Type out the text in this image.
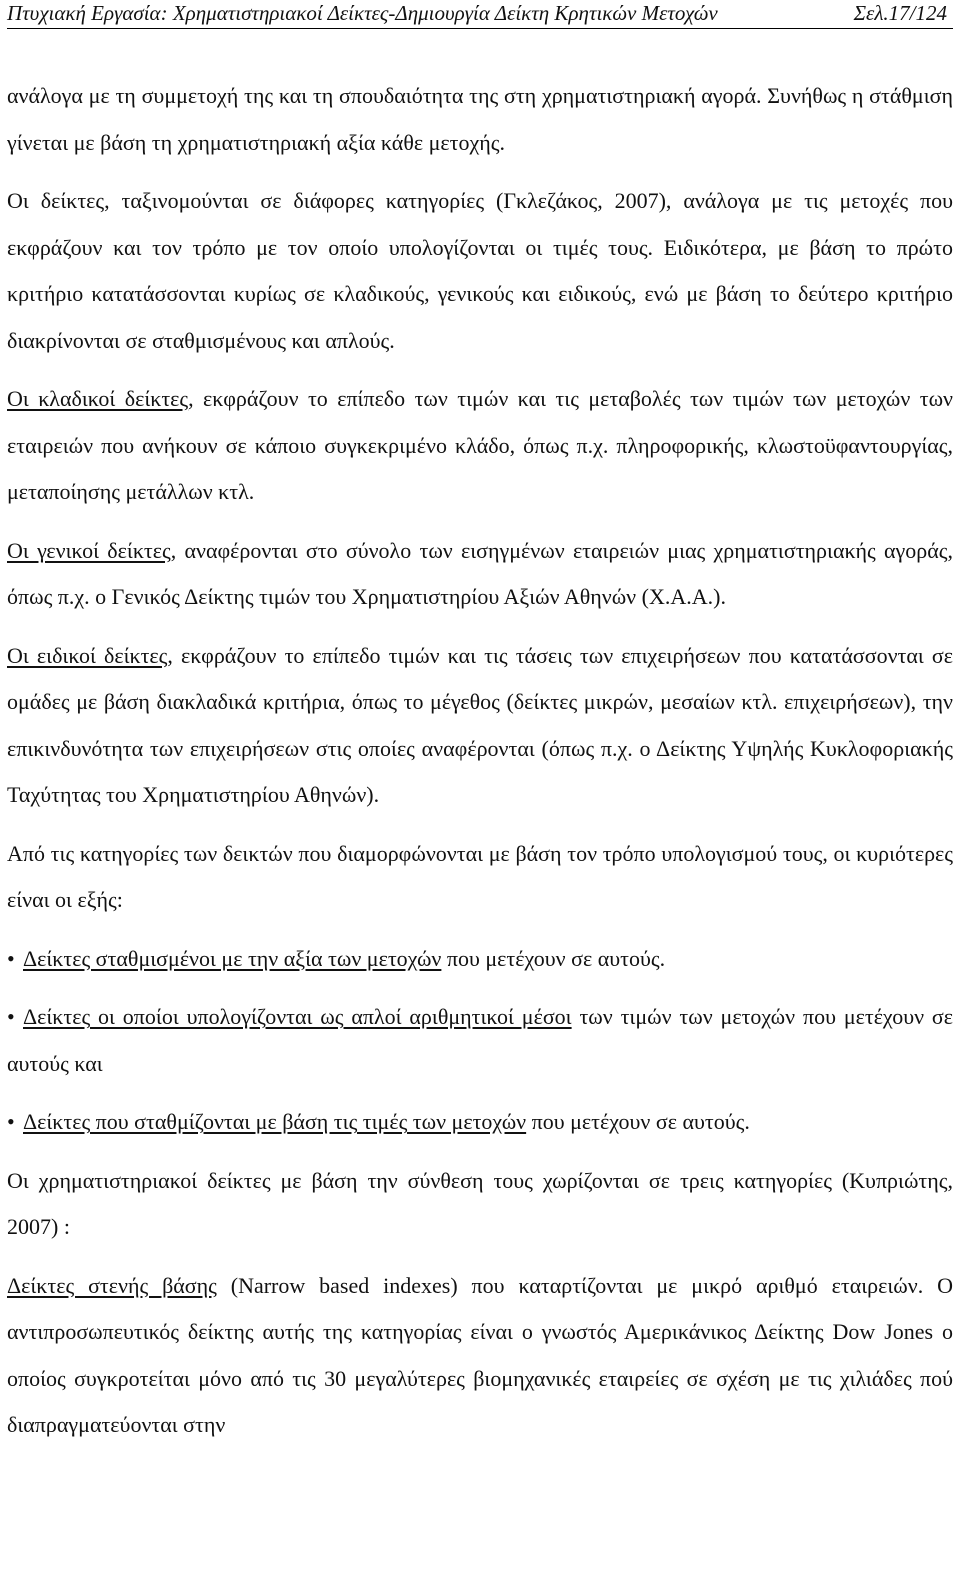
Πτυχιακή Εργασία: Χρηματιστηριακοί Δείκτες-Δημιουργία Δείκτη Κρητικών Μετοχών	Σελ.17/124

ανάλογα με τη συμμετοχή της και τη σπουδαιότητα της στη χρηματιστηριακή αγορά. Συνήθως η στάθμιση γίνεται με βάση τη χρηματιστηριακή αξία κάθε μετοχής.

Οι δείκτες, ταξινομούνται σε διάφορες κατηγορίες (Γκλεζάκος, 2007), ανάλογα με τις μετοχές που εκφράζουν και τον τρόπο με τον οποίο υπολογίζονται οι τιμές τους. Ειδικότερα, με βάση το πρώτο κριτήριο κατατάσσονται κυρίως σε κλαδικούς, γενικούς και ειδικούς, ενώ με βάση το δεύτερο κριτήριο διακρίνονται σε σταθμισμένους και απλούς.

Οι κλαδικοί δείκτες, εκφράζουν το επίπεδο των τιμών και τις μεταβολές των τιμών των μετοχών των εταιρειών που ανήκουν σε κάποιο συγκεκριμένο κλάδο, όπως π.χ. πληροφορικής, κλωστοϋφαντουργίας, μεταποίησης μετάλλων κτλ.

Οι γενικοί δείκτες, αναφέρονται στο σύνολο των εισηγμένων εταιρειών μιας χρηματιστηριακής αγοράς, όπως π.χ. ο Γενικός Δείκτης τιμών του Χρηματιστηρίου Αξιών Αθηνών (Χ.Α.Α.).

Οι ειδικοί δείκτες, εκφράζουν το επίπεδο τιμών και τις τάσεις των επιχειρήσεων που κατατάσσονται σε ομάδες με βάση διακλαδικά κριτήρια, όπως το μέγεθος (δείκτες μικρών, μεσαίων κτλ. επιχειρήσεων), την επικινδυνότητα των επιχειρήσεων στις οποίες αναφέρονται (όπως π.χ. ο Δείκτης Υψηλής Κυκλοφοριακής Ταχύτητας του Χρηματιστηρίου Αθηνών).

Από τις κατηγορίες των δεικτών που διαμορφώνονται με βάση τον τρόπο υπολογισμού τους, οι κυριότερες είναι οι εξής:

• Δείκτες σταθμισμένοι με την αξία των μετοχών που μετέχουν σε αυτούς.

• Δείκτες οι οποίοι υπολογίζονται ως απλοί αριθμητικοί μέσοι των τιμών των μετοχών που μετέχουν σε αυτούς και

• Δείκτες που σταθμίζονται με βάση τις τιμές των μετοχών που μετέχουν σε αυτούς.

Οι χρηματιστηριακοί δείκτες με βάση την σύνθεση τους χωρίζονται σε τρεις κατηγορίες (Κυπριώτης, 2007) :

Δείκτες στενής βάσης (Narrow based indexes) που καταρτίζονται με μικρό αριθμό εταιρειών. Ο αντιπροσωπευτικός δείκτης αυτής της κατηγορίας είναι ο γνωστός Αμερικάνικος Δείκτης Dow Jones ο οποίος συγκροτείται μόνο από τις 30 μεγαλύτερες βιομηχανικές εταιρείες σε σχέση με τις χιλιάδες πού διαπραγματεύονται στην
